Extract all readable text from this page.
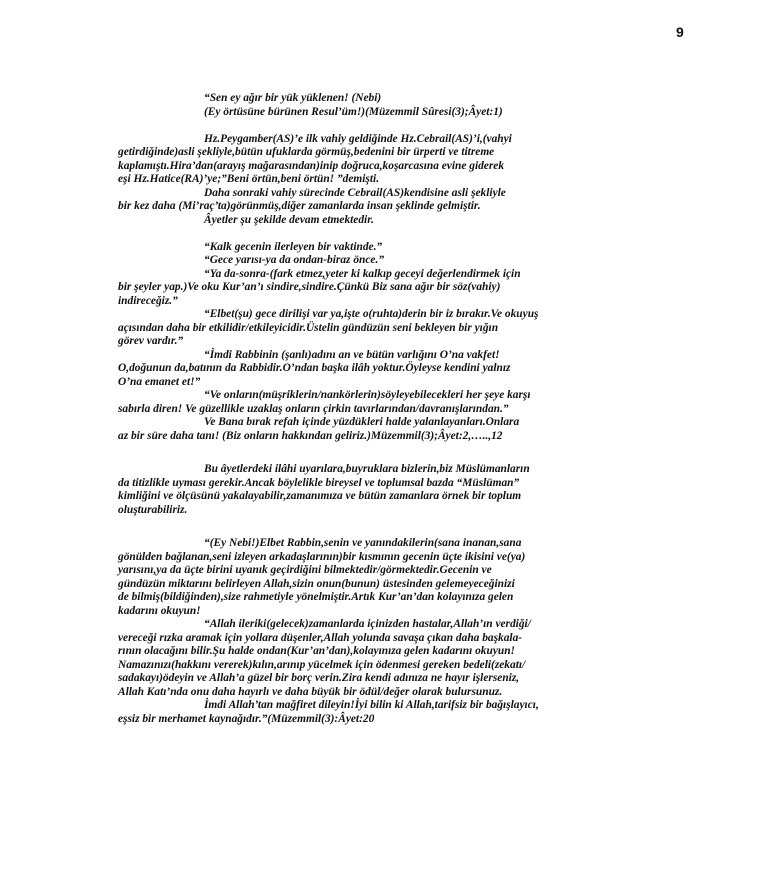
9
“Sen ey ağır bir yük yüklenen! (Nebi)
(Ey örtüsüne bürünen Resul’üm!)(Müzemmil Sûresi(3);Âyet:1)
Hz.Peygamber(AS)’e ilk vahiy geldiğinde Hz.Cebrail(AS)’i,(vahyi
getirdiğinde)asli şekliyle,bütün ufuklarda görmüş,bedenini bir ürperti ve titreme
kaplamıştı.Hira’dan(arayış mağarasından)inip doğruca,koşarcasına evine giderek
eşi Hz.Hatice(RA)’ye;”Beni örtün,beni örtün! ”demişti.
Daha sonraki vahiy sürecinde Cebrail(AS)kendisine asli şekliyle
bir kez daha (Mi’raç’ta)görünmüş,diğer zamanlarda insan şeklinde gelmiştir.
Âyetler şu şekilde devam etmektedir.
“Kalk gecenin ilerleyen bir vaktinde.”
“Gece yarısı-ya da ondan-biraz önce.”
“Ya da-sonra-(fark etmez,yeter ki kalkıp geceyi değerlendirmek için
bir şeyler yap.)Ve oku Kur’an’ı sindire,sindire.Çünkü Biz sana ağır bir söz(vahiy)
indireceğiz.”
“Elbet(şu) gece dirilişi var ya,işte o(ruhta)derin bir iz bırakır.Ve okuyuş
açısından daha bir etkilidir/etkileyicidir.Üstelin gündüzün seni bekleyen bir yığın
görev vardır.”
“İmdi Rabbinin (şanlı)adını an ve bütün varlığını O’na vakfet!
O,doğunun da,batının da Rabbidir.O’ndan başka ilâh yoktur.Öyleyse kendini yalnız
O’na emanet et!”
“Ve onların(müşriklerin/nankörlerin)söyleyebilecekleri her şeye karşı
sabırla diren! Ve güzellikle uzaklaş onların çirkin tavırlarından/davranışlarından.”
Ve Bana bırak refah içinde yüzdükleri halde yalanlayanları.Onlara
az bir süre daha tanı! (Biz onların hakkından geliriz.)Müzemmil(3);Âyet:2,…..,12
Bu âyetlerdeki ilâhi uyarılara,buyruklara bizlerin,biz Müslümanların
da titizlikle uyması gerekir.Ancak böylelikle bireysel ve toplumsal bazda “Müslüman”
kimliğini ve ölçüsünü yakalayabilir,zamanımıza ve bütün zamanlara örnek bir toplum
oluşturabiliriz.
“(Ey Nebi!)Elbet Rabbin,senin ve yanındakilerin(sana inanan,sana
gönülden bağlanan,seni izleyen arkadaşlarının)bir kısmının gecenin üçte ikisini ve(ya)
yarısını,ya da üçte birini uyanık geçirdiğini bilmektedir/görmektedir.Gecenin ve
gündüzün miktarını belirleyen Allah,sizin onun(bunun) üstesinden gelemeyeceğinizi
de bilmiş(bildiğinden),size rahmetiyle yönelmiştir.Artık Kur’an’dan kolayınıza gelen
kadarını okuyun!
“Allah ileriki(gelecek)zamanlarda içinizden hastalar,Allah’ın verdiği/
vereceği rızka aramak için yollara düşenler,Allah yolunda savaşa çıkan daha başkala-
rının olacağını bilir.Şu halde ondan(Kur’an’dan),kolayınıza gelen kadarını okuyun!
Namazınızı(hakkını vererek)kılın,arınıp yücelmek için ödenmesi gereken bedeli(zekatı/
sadakayı)ödeyin ve Allah’a güzel bir borç verin.Zira kendi adınıza ne hayır işlerseniz,
Allah Katı’nda onu daha hayırlı ve daha büyük bir ödül/değer olarak bulursunuz.
İmdi Allah’tan mağfiret dileyin!İyi bilin ki Allah,tarifsiz bir bağışlayıcı,
eşsiz bir merhamet kaynağıdır.”(Müzemmil(3):Âyet:20
